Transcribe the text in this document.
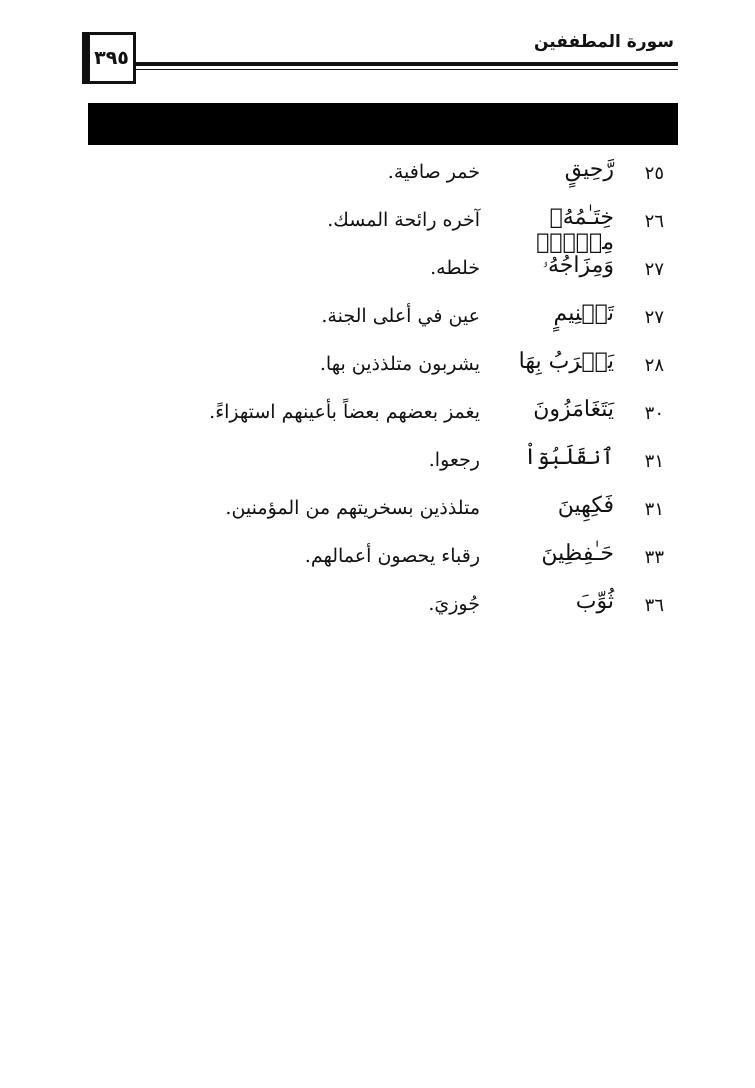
٣٩٥
سورة المطففين
٢٥
رَّحِيقٍ
خمر صافية.
٢٦
خِتَـٰمُهُۥ مِسۡكٌۚ
آخره رائحة المسك.
٢٧
وَمِزَاجُهُۥ
خلطه.
٢٧
تَسۡنِيمٍ
عين في أعلى الجنة.
٢٨
يَشۡرَبُ بِهَا
يشربون متلذذين بها.
٣٠
يَتَغَامَزُونَ
يغمز بعضهم بعضاً بأعينهم استهزاءً.
٣١
ٱنقَلَبُوٓاْ
رجعوا.
٣١
فَكِهِينَ
متلذذين بسخريتهم من المؤمنين.
٣٣
حَـٰفِظِينَ
رقباء يحصون أعمالهم.
٣٦
ثُوِّبَ
جُوزيَ.
